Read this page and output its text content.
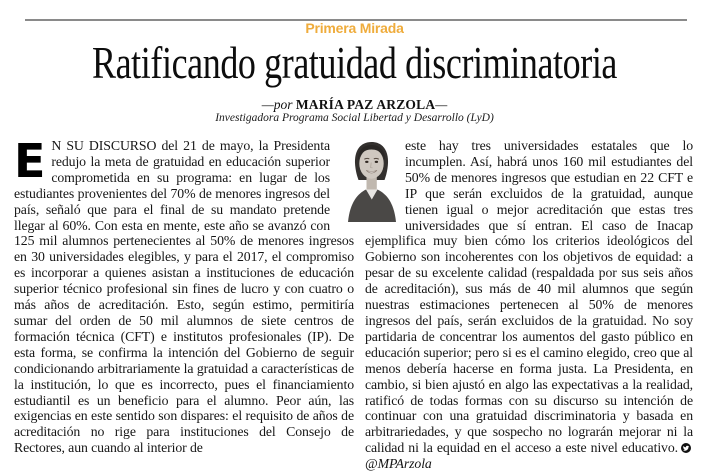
Primera Mirada
Ratificando gratuidad discriminatoria
—por MARÍA PAZ ARZOLA—
Investigadora Programa Social Libertad y Desarrollo (LyD)

E N SU DISCURSO del 21 de mayo, la Presidenta redujo la meta de gratuidad en educación superior comprometida en su programa: en lugar de los estudiantes provenientes del 70% de menores ingresos del país, señaló que para el final de su mandato pretende llegar al 60%. Con esta en mente, este año se avanzó con 125 mil alumnos pertenecientes al 50% de menores ingresos en 30 universidades elegibles, y para el 2017, el compromiso es incorporar a quienes asistan a instituciones de educación superior técnico profesional sin fines de lucro y con cuatro o más años de acreditación. Esto, según estimo, permitiría sumar del orden de 50 mil alumnos de siete centros de formación técnica (CFT) e institutos profesionales (IP). De esta forma, se confirma la intención del Gobierno de seguir condicionando arbitrariamente la gratuidad a características de la institución, lo que es incorrecto, pues el financiamiento estudiantil es un beneficio para el alumno. Peor aún, las exigencias en este sentido son dispares: el requisito de años de acreditación no rige para instituciones del Consejo de Rectores, aun cuando al interior de

este hay tres universidades estatales que lo incumplen. Así, habrá unos 160 mil estudiantes del 50% de menores ingresos que estudian en 22 CFT e IP que serán excluidos de la gratuidad, aunque tienen igual o mejor acreditación que estas tres universidades que sí entran. El caso de Inacap ejemplifica muy bien cómo los criterios ideológicos del Gobierno son incoherentes con los objetivos de equidad: a pesar de su excelente calidad (respaldada por sus seis años de acreditación), sus más de 40 mil alumnos que según nuestras estimaciones pertenecen al 50% de menores ingresos del país, serán excluidos de la gratuidad. No soy partidaria de concentrar los aumentos del gasto público en educación superior; pero si es el camino elegido, creo que al menos debería hacerse en forma justa. La Presidenta, en cambio, si bien ajustó en algo las expectativas a la realidad, ratificó de todas formas con su discurso su intención de continuar con una gratuidad discriminatoria y basada en arbitrariedades, y que sospecho no lograrán mejorar ni la calidad ni la equidad en el acceso a este nivel educativo.@MPArzola
